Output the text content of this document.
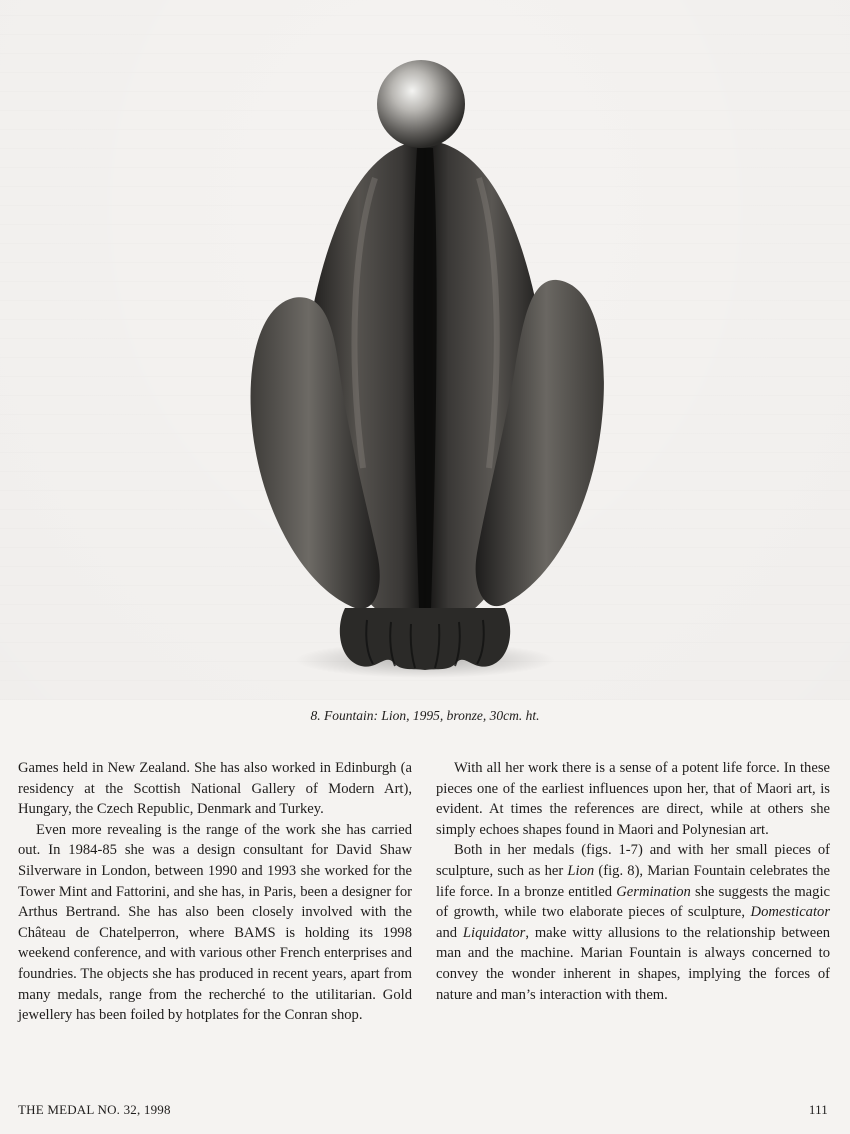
8. Fountain: Lion, 1995, bronze, 30cm. ht.

Games held in New Zealand. She has also worked in Edinburgh (a residency at the Scottish National Gallery of Modern Art), Hungary, the Czech Republic, Denmark and Turkey.

Even more revealing is the range of the work she has carried out. In 1984-85 she was a design consultant for David Shaw Silverware in London, between 1990 and 1993 she worked for the Tower Mint and Fattorini, and she has, in Paris, been a designer for Arthus Bertrand. She has also been closely involved with the Château de Chatelperron, where BAMS is holding its 1998 weekend conference, and with various other French enterprises and foundries. The objects she has produced in recent years, apart from many medals, range from the recherché to the utilitarian. Gold jewellery has been foiled by hotplates for the Conran shop.

With all her work there is a sense of a potent life force. In these pieces one of the earliest influences upon her, that of Maori art, is evident. At times the references are direct, while at others she simply echoes shapes found in Maori and Polynesian art.

Both in her medals (figs. 1-7) and with her small pieces of sculpture, such as her Lion (fig. 8), Marian Fountain celebrates the life force. In a bronze entitled Germination she suggests the magic of growth, while two elaborate pieces of sculpture, Domesticator and Liquidator, make witty allusions to the relationship between man and the machine. Marian Fountain is always concerned to convey the wonder inherent in shapes, implying the forces of nature and man’s interaction with them.

THE MEDAL NO. 32, 1998	111
